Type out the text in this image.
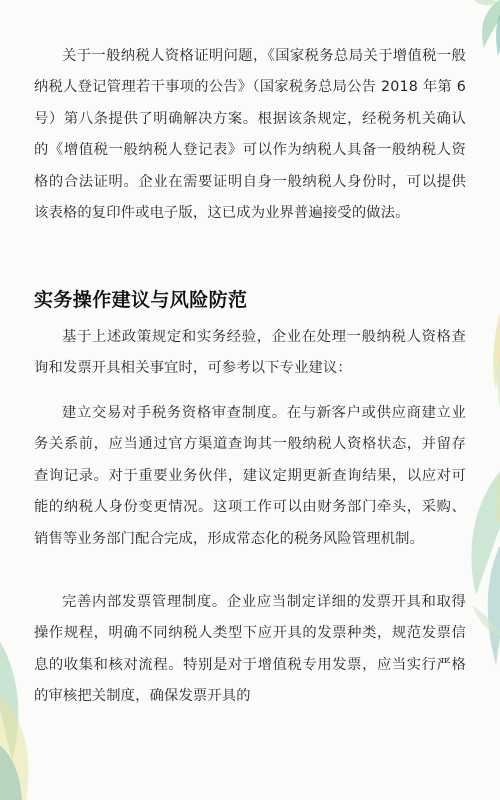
关于一般纳税人资格证明问题，《国家税务总局关于增值税一般纳税人登记管理若干事项的公告》（国家税务总局公告 2018 年第 6 号）第八条提供了明确解决方案。根据该条规定，经税务机关确认的《增值税一般纳税人登记表》可以作为纳税人具备一般纳税人资格的合法证明。企业在需要证明自身一般纳税人身份时，可以提供该表格的复印件或电子版，这已成为业界普遍接受的做法。

实务操作建议与风险防范

基于上述政策规定和实务经验，企业在处理一般纳税人资格查询和发票开具相关事宜时，可参考以下专业建议：

建立交易对手税务资格审查制度。在与新客户或供应商建立业务关系前，应当通过官方渠道查询其一般纳税人资格状态，并留存查询记录。对于重要业务伙伴，建议定期更新查询结果，以应对可能的纳税人身份变更情况。这项工作可以由财务部门牵头，采购、销售等业务部门配合完成，形成常态化的税务风险管理机制。

完善内部发票管理制度。企业应当制定详细的发票开具和取得操作规程，明确不同纳税人类型下应开具的发票种类，规范发票信息的收集和核对流程。特别是对于增值税专用发票，应当实行严格的审核把关制度，确保发票开具的
